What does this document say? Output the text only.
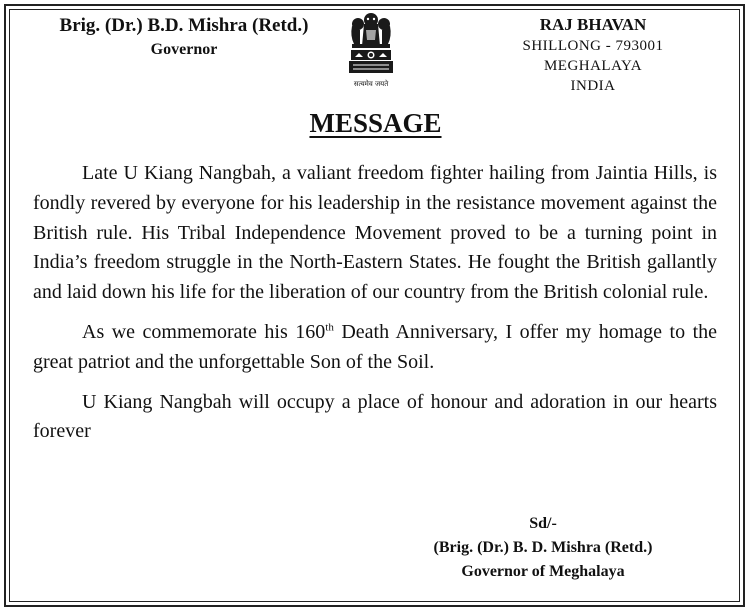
Brig. (Dr.) B.D. Mishra (Retd.)
Governor
सत्यमेव जयते
RAJ BHAVAN
SHILLONG - 793001
MEGHALAYA
INDIA
MESSAGE

Late U Kiang Nangbah, a valiant freedom fighter hailing from Jaintia Hills, is fondly revered by everyone for his leadership in the resistance movement against the British rule. His Tribal Independence Movement proved to be a turning point in India’s freedom struggle in the North-Eastern States. He fought the British gallantly and laid down his life for the liberation of our country from the British colonial rule.

As we commemorate his 160th Death Anniversary, I offer my homage to the great patriot and the unforgettable Son of the Soil.

U Kiang Nangbah will occupy a place of honour and adoration in our hearts forever

Sd/-
(Brig. (Dr.) B. D. Mishra (Retd.)
Governor of Meghalaya
